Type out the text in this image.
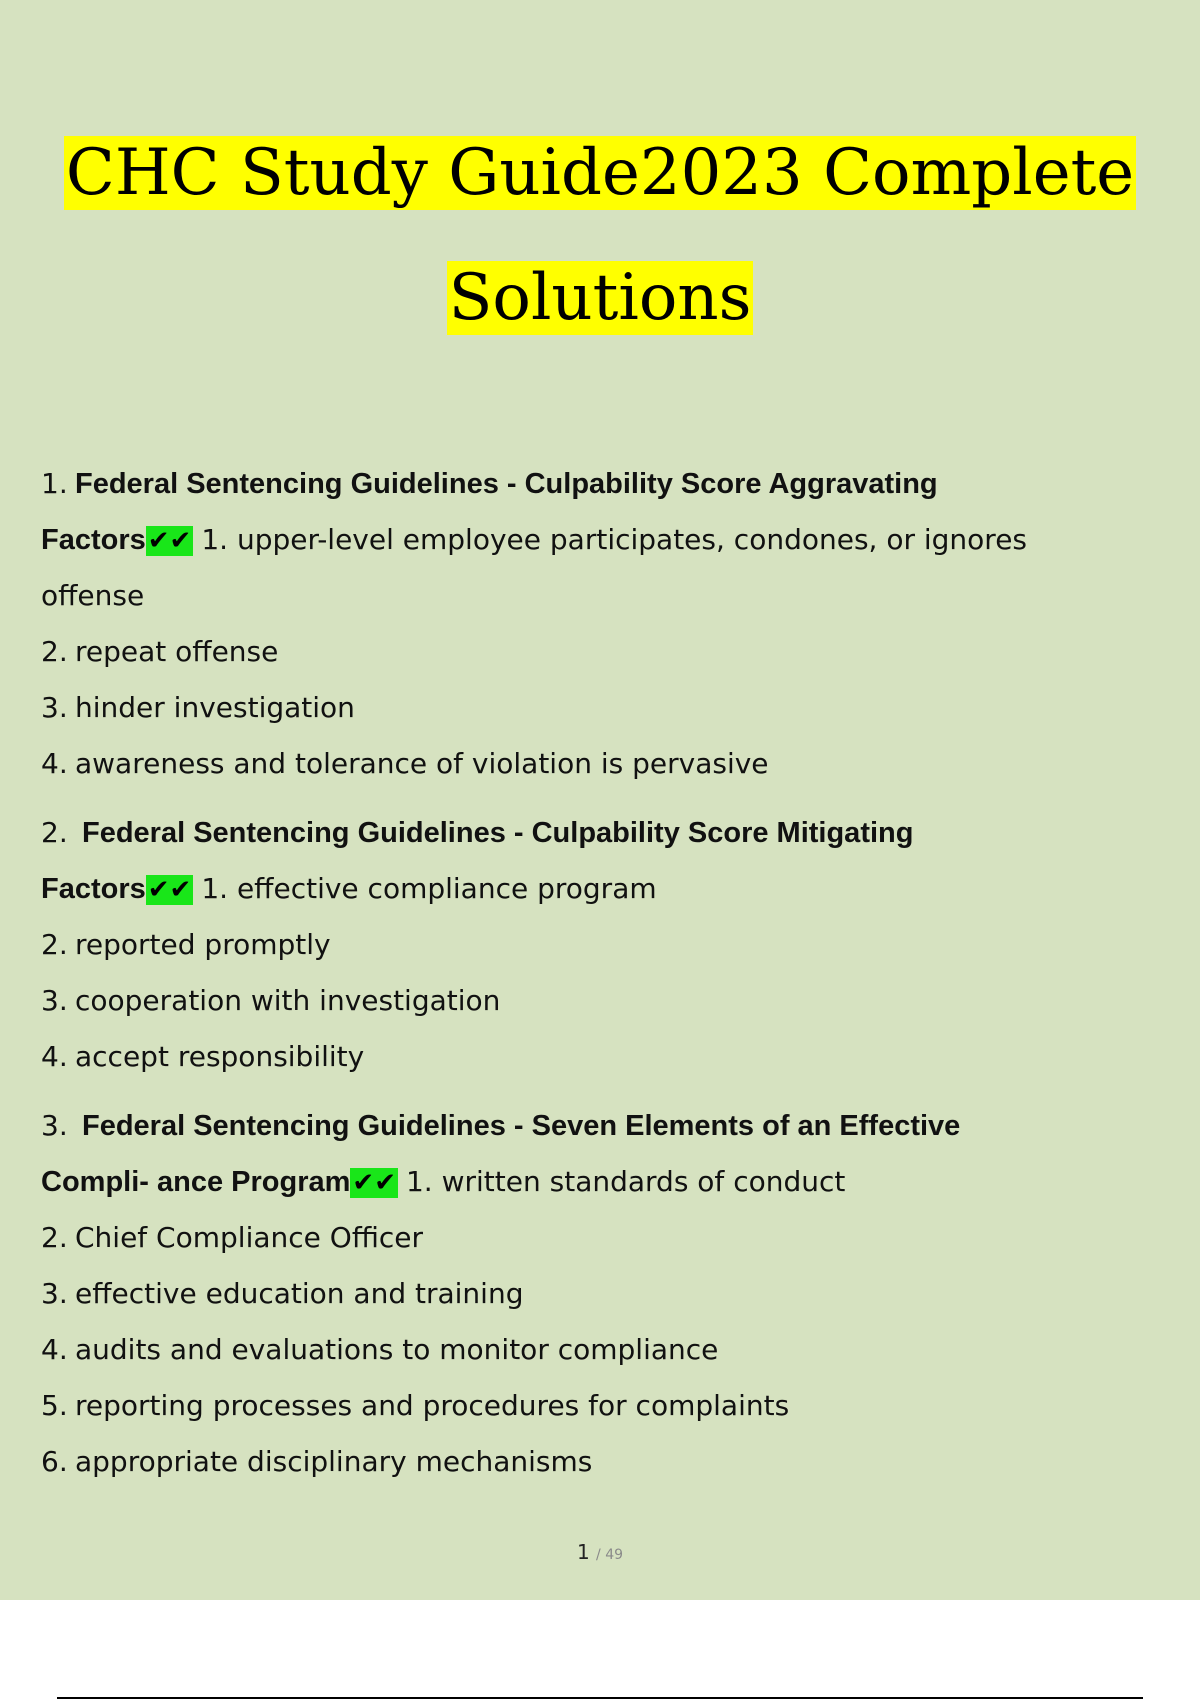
CHC Study Guide2023 Complete
Solutions
1. Federal Sentencing Guidelines - Culpability Score Aggravating
Factors✔✔ 1. upper-level employee participates, condones, or ignores
offense
2. repeat offense
3. hinder investigation
4. awareness and tolerance of violation is pervasive
2. Federal Sentencing Guidelines - Culpability Score Mitigating
Factors✔✔ 1. effective compliance program
2. reported promptly
3. cooperation with investigation
4. accept responsibility
3. Federal Sentencing Guidelines - Seven Elements of an Effective
Compli- ance Program✔✔ 1. written standards of conduct
2. Chief Compliance Officer
3. effective education and training
4. audits and evaluations to monitor compliance
5. reporting processes and procedures for complaints
6. appropriate disciplinary mechanisms
1 / 49
